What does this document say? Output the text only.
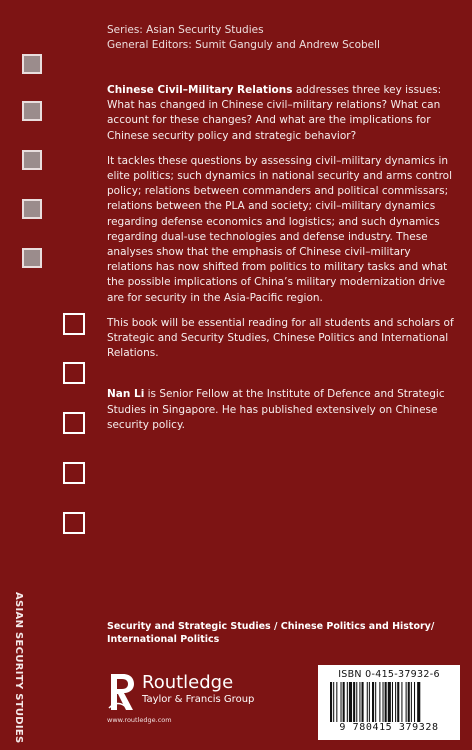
Series: Asian Security Studies
General Editors: Sumit Ganguly and Andrew Scobell

Chinese Civil–Military Relations addresses three key issues: What has changed in Chinese civil–military relations? What can account for these changes? And what are the implications for Chinese security policy and strategic behavior?

It tackles these questions by assessing civil–military dynamics in elite politics; such dynamics in national security and arms control policy; relations between commanders and political commissars; relations between the PLA and society; civil–military dynamics regarding defense economics and logistics; and such dynamics regarding dual-use technologies and defense industry. These analyses show that the emphasis of Chinese civil–military relations has now shifted from politics to military tasks and what the possible implications of China’s military modernization drive are for security in the Asia-Pacific region.

This book will be essential reading for all students and scholars of Strategic and Security Studies, Chinese Politics and International Relations.

Nan Li is Senior Fellow at the Institute of Defence and Strategic Studies in Singapore. He has published extensively on Chinese security policy.

ASIAN SECURITY STUDIES	Security and Strategic Studies / Chinese Politics and History/ International Politics
Routledge
Taylor & Francis Group
www.routledge.com
ISBN 0-415-37932-6
9 780415 379328
